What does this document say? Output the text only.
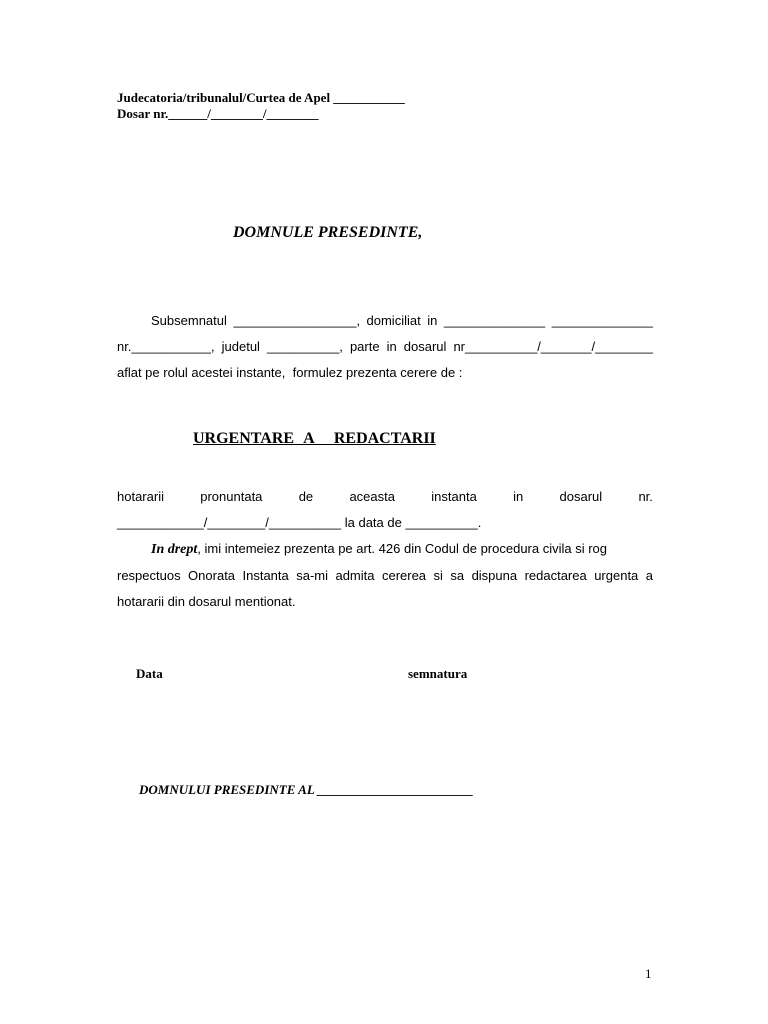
Judecatoria/tribunalul/Curtea de Apel ___________
Dosar nr.______/________/________
DOMNULE PRESEDINTE,
Subsemnatul _________________, domiciliat in ______________ ______________
nr.___________, judetul __________, parte in dosarul nr__________/_______/________
aflat pe rolul acestei instante,  formulez prezenta cerere de :
URGENTARE A  REDACTARII
hotararii	pronuntata	de	aceasta	instanta	in	dosarul	nr.
____________/________/__________ la data de __________.
In drept, imi intemeiez prezenta pe art. 426 din Codul de procedura civila si rog
respectuos Onorata Instanta sa-mi admita cererea si sa dispuna redactarea urgenta a
hotararii din dosarul mentionat.
Data	semnatura
DOMNULUI PRESEDINTE AL ________________________
1
